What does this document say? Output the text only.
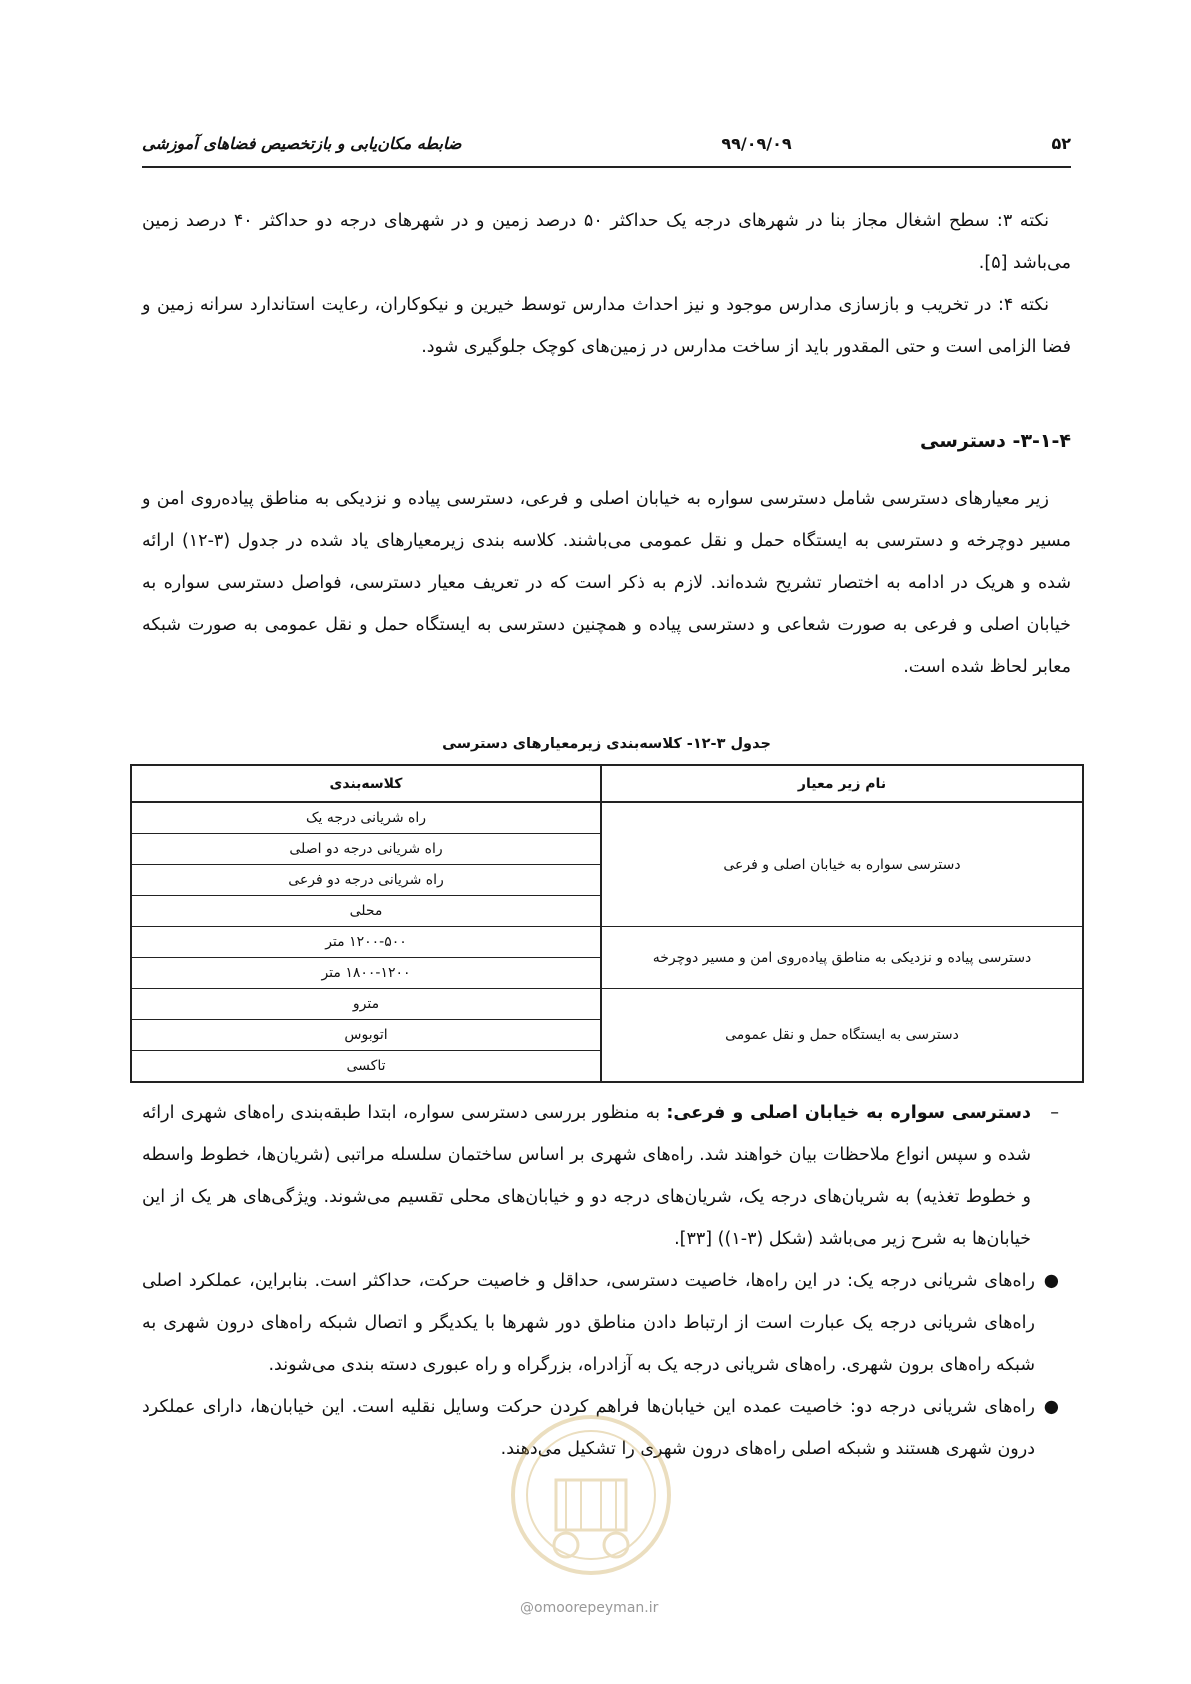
ضابطه مکان‌یابی و بازتخصیص فضاهای آموزشی	۹۹/۰۹/۰۹	۵۲

نکته ۳: سطح اشغال مجاز بنا در شهرهای درجه یک حداکثر ۵۰ درصد زمین و در شهرهای درجه دو حداکثر ۴۰ درصد زمین می‌باشد [۵].

نکته ۴: در تخریب و بازسازی مدارس موجود و نیز احداث مدارس توسط خیرین و نیکوکاران، رعایت استاندارد سرانه زمین و فضا الزامی است و حتی المقدور باید از ساخت مدارس در زمین‌های کوچک جلوگیری شود.

۳-۱-۴- دسترسی

زیر معیارهای دسترسی شامل دسترسی سواره به خیابان اصلی و فرعی، دسترسی پیاده و نزدیکی به مناطق پیاده‌روی امن و مسیر دوچرخه و دسترسی به ایستگاه حمل و نقل عمومی می‌باشند. کلاسه بندی زیرمعیارهای یاد شده در جدول (۳-۱۲) ارائه شده و هریک در ادامه به اختصار تشریح شده‌اند. لازم به ذکر است که در تعریف معیار دسترسی، فواصل دسترسی سواره به خیابان اصلی و فرعی به صورت شعاعی و دسترسی پیاده و همچنین دسترسی به ایستگاه حمل و نقل عمومی به صورت شبکه معابر لحاظ شده است.

جدول ۳-۱۲- کلاسه‌بندی زیرمعیارهای دسترسی
نام زیر معیار	کلاسه‌بندی
دسترسی سواره به خیابان اصلی و فرعی	راه شریانی درجه یک
	راه شریانی درجه دو اصلی
	راه شریانی درجه دو فرعی
	محلی
دسترسی پیاده و نزدیکی به مناطق پیاده‌روی امن و مسیر دوچرخه	۱۲۰۰-۵۰۰ متر
	۱۸۰۰-۱۲۰۰ متر
دسترسی به ایستگاه حمل و نقل عمومی	مترو
	اتوبوس
	تاکسی

–
دسترسی سواره به خیابان اصلی و فرعی: به منظور بررسی دسترسی سواره، ابتدا طبقه‌بندی راه‌های شهری ارائه شده و سپس انواع ملاحظات بیان خواهند شد. راه‌های شهری بر اساس ساختمان سلسله مراتبی (شریان‌ها، خطوط واسطه و خطوط تغذیه) به شریان‌های درجه یک، شریان‌های درجه دو و خیابان‌های محلی تقسیم می‌شوند. ویژگی‌های هر یک از این خیابان‌ها به شرح زیر می‌باشد (شکل (۳-۱)) [۳۳].

●
راه‌های شریانی درجه یک: در این راه‌ها، خاصیت دسترسی، حداقل و خاصیت حرکت، حداکثر است. بنابراین، عملکرد اصلی راه‌های شریانی درجه یک عبارت است از ارتباط دادن مناطق دور شهرها با یکدیگر و اتصال شبکه راه‌های درون شهری به شبکه راه‌های برون شهری. راه‌های شریانی درجه یک به آزادراه، بزرگراه و راه عبوری دسته بندی می‌شوند.

●
راه‌های شریانی درجه دو: خاصیت عمده این خیابان‌ها فراهم کردن حرکت وسایل نقلیه است. این خیابان‌ها، دارای عملکرد درون شهری هستند و شبکه اصلی راه‌های درون شهری را تشکیل می‌دهند.

@omoorepeyman.ir
